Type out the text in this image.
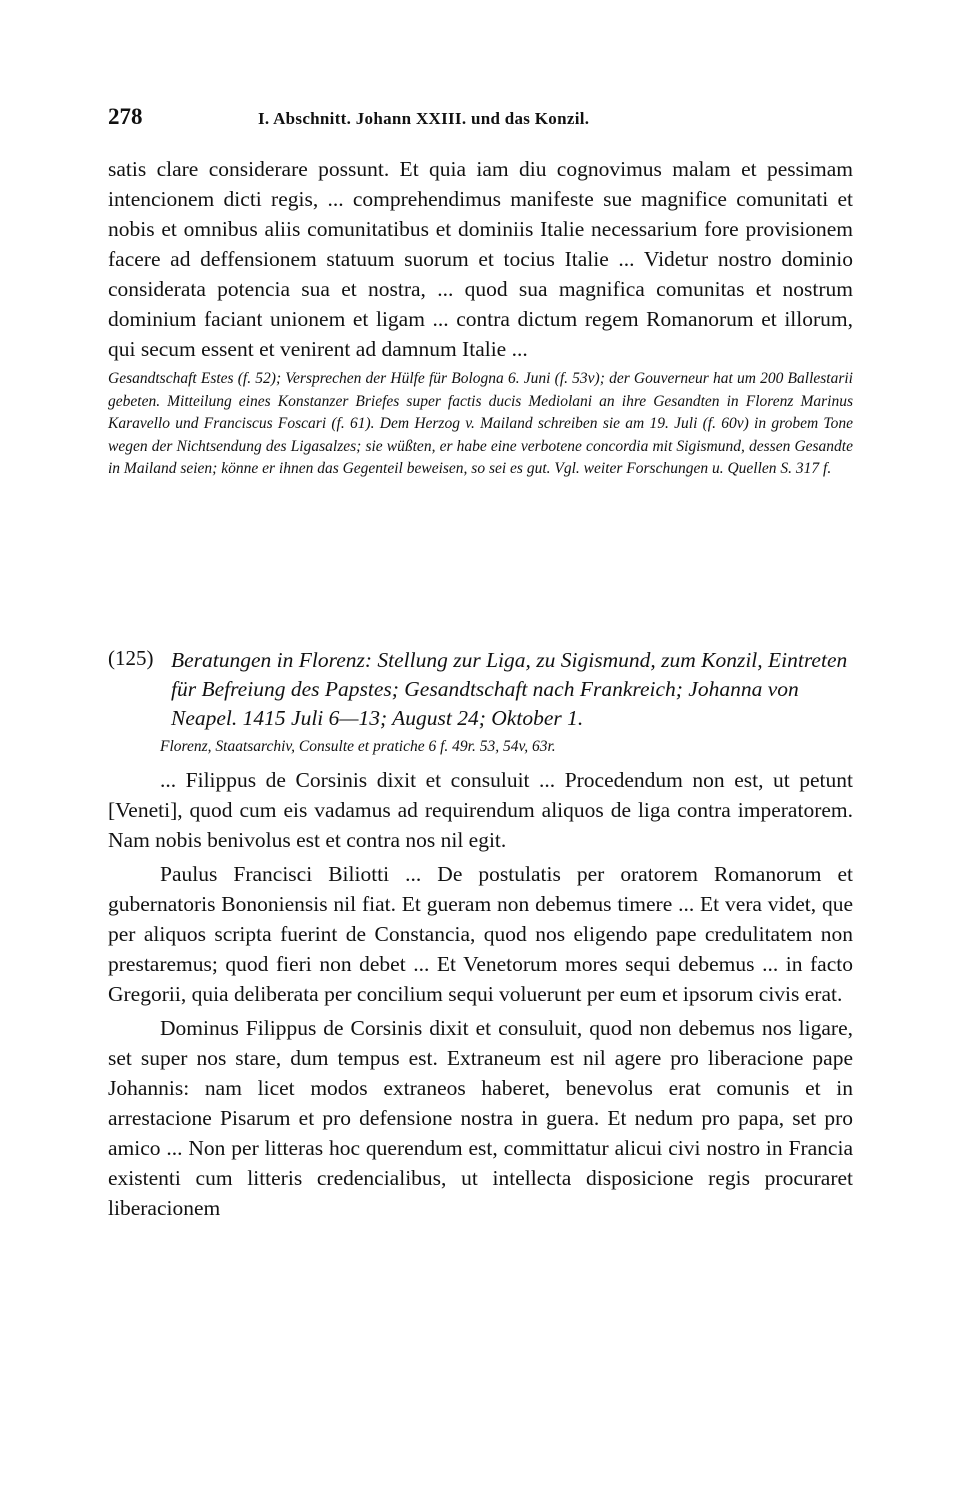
278	I. Abschnitt. Johann XXIII. und das Konzil.

satis clare considerare possunt. Et quia iam diu cognovimus malam et pessimam intencionem dicti regis, ... comprehendimus manifeste sue magnifice comunitati et nobis et omnibus aliis comunitatibus et dominiis Italie necessarium fore provisionem facere ad deffensionem statuum suorum et tocius Italie ... Videtur nostro dominio considerata potencia sua et nostra, ... quod sua magnifica comunitas et nostrum dominium faciant unionem et ligam ... contra dictum regem Romanorum et illorum, qui secum essent et venirent ad damnum Italie ...

Gesandtschaft Estes (f. 52); Versprechen der Hülfe für Bologna 6. Juni (f. 53v); der Gouverneur hat um 200 Ballestarii gebeten. Mitteilung eines Konstanzer Briefes super factis ducis Mediolani an ihre Gesandten in Florenz Marinus Karavello und Franciscus Foscari (f. 61). Dem Herzog v. Mailand schreiben sie am 19. Juli (f. 60v) in grobem Tone wegen der Nichtsendung des Ligasalzes; sie wüßten, er habe eine verbotene concordia mit Sigismund, dessen Gesandte in Mailand seien; könne er ihnen das Gegenteil beweisen, so sei es gut. Vgl. weiter Forschungen u. Quellen S. 317 f.

(125) Beratungen in Florenz: Stellung zur Liga, zu Sigismund, zum Konzil, Eintreten für Befreiung des Papstes; Gesandtschaft nach Frankreich; Johanna von Neapel. 1415 Juli 6—13; August 24; Oktober 1.

Florenz, Staatsarchiv, Consulte et pratiche 6 f. 49r. 53, 54v, 63r.

... Filippus de Corsinis dixit et consuluit ... Procedendum non est, ut petunt [Veneti], quod cum eis vadamus ad requirendum aliquos de liga contra imperatorem. Nam nobis benivolus est et contra nos nil egit.

Paulus Francisci Biliotti ... De postulatis per oratorem Romanorum et gubernatoris Bononiensis nil fiat. Et gueram non debemus timere ... Et vera videt, que per aliquos scripta fuerint de Constancia, quod nos eligendo pape credulitatem non prestaremus; quod fieri non debet ... Et Venetorum mores sequi debemus ... in facto Gregorii, quia deliberata per concilium sequi voluerunt per eum et ipsorum civis erat.

Dominus Filippus de Corsinis dixit et consuluit, quod non debemus nos ligare, set super nos stare, dum tempus est. Extraneum est nil agere pro liberacione pape Johannis: nam licet modos extraneos haberet, benevolus erat comunis et in arrestacione Pisarum et pro defensione nostra in guera. Et nedum pro papa, set pro amico ... Non per litteras hoc querendum est, committatur alicui civi nostro in Francia existenti cum litteris credencialibus, ut intellecta disposicione regis procuraret liberacionem
